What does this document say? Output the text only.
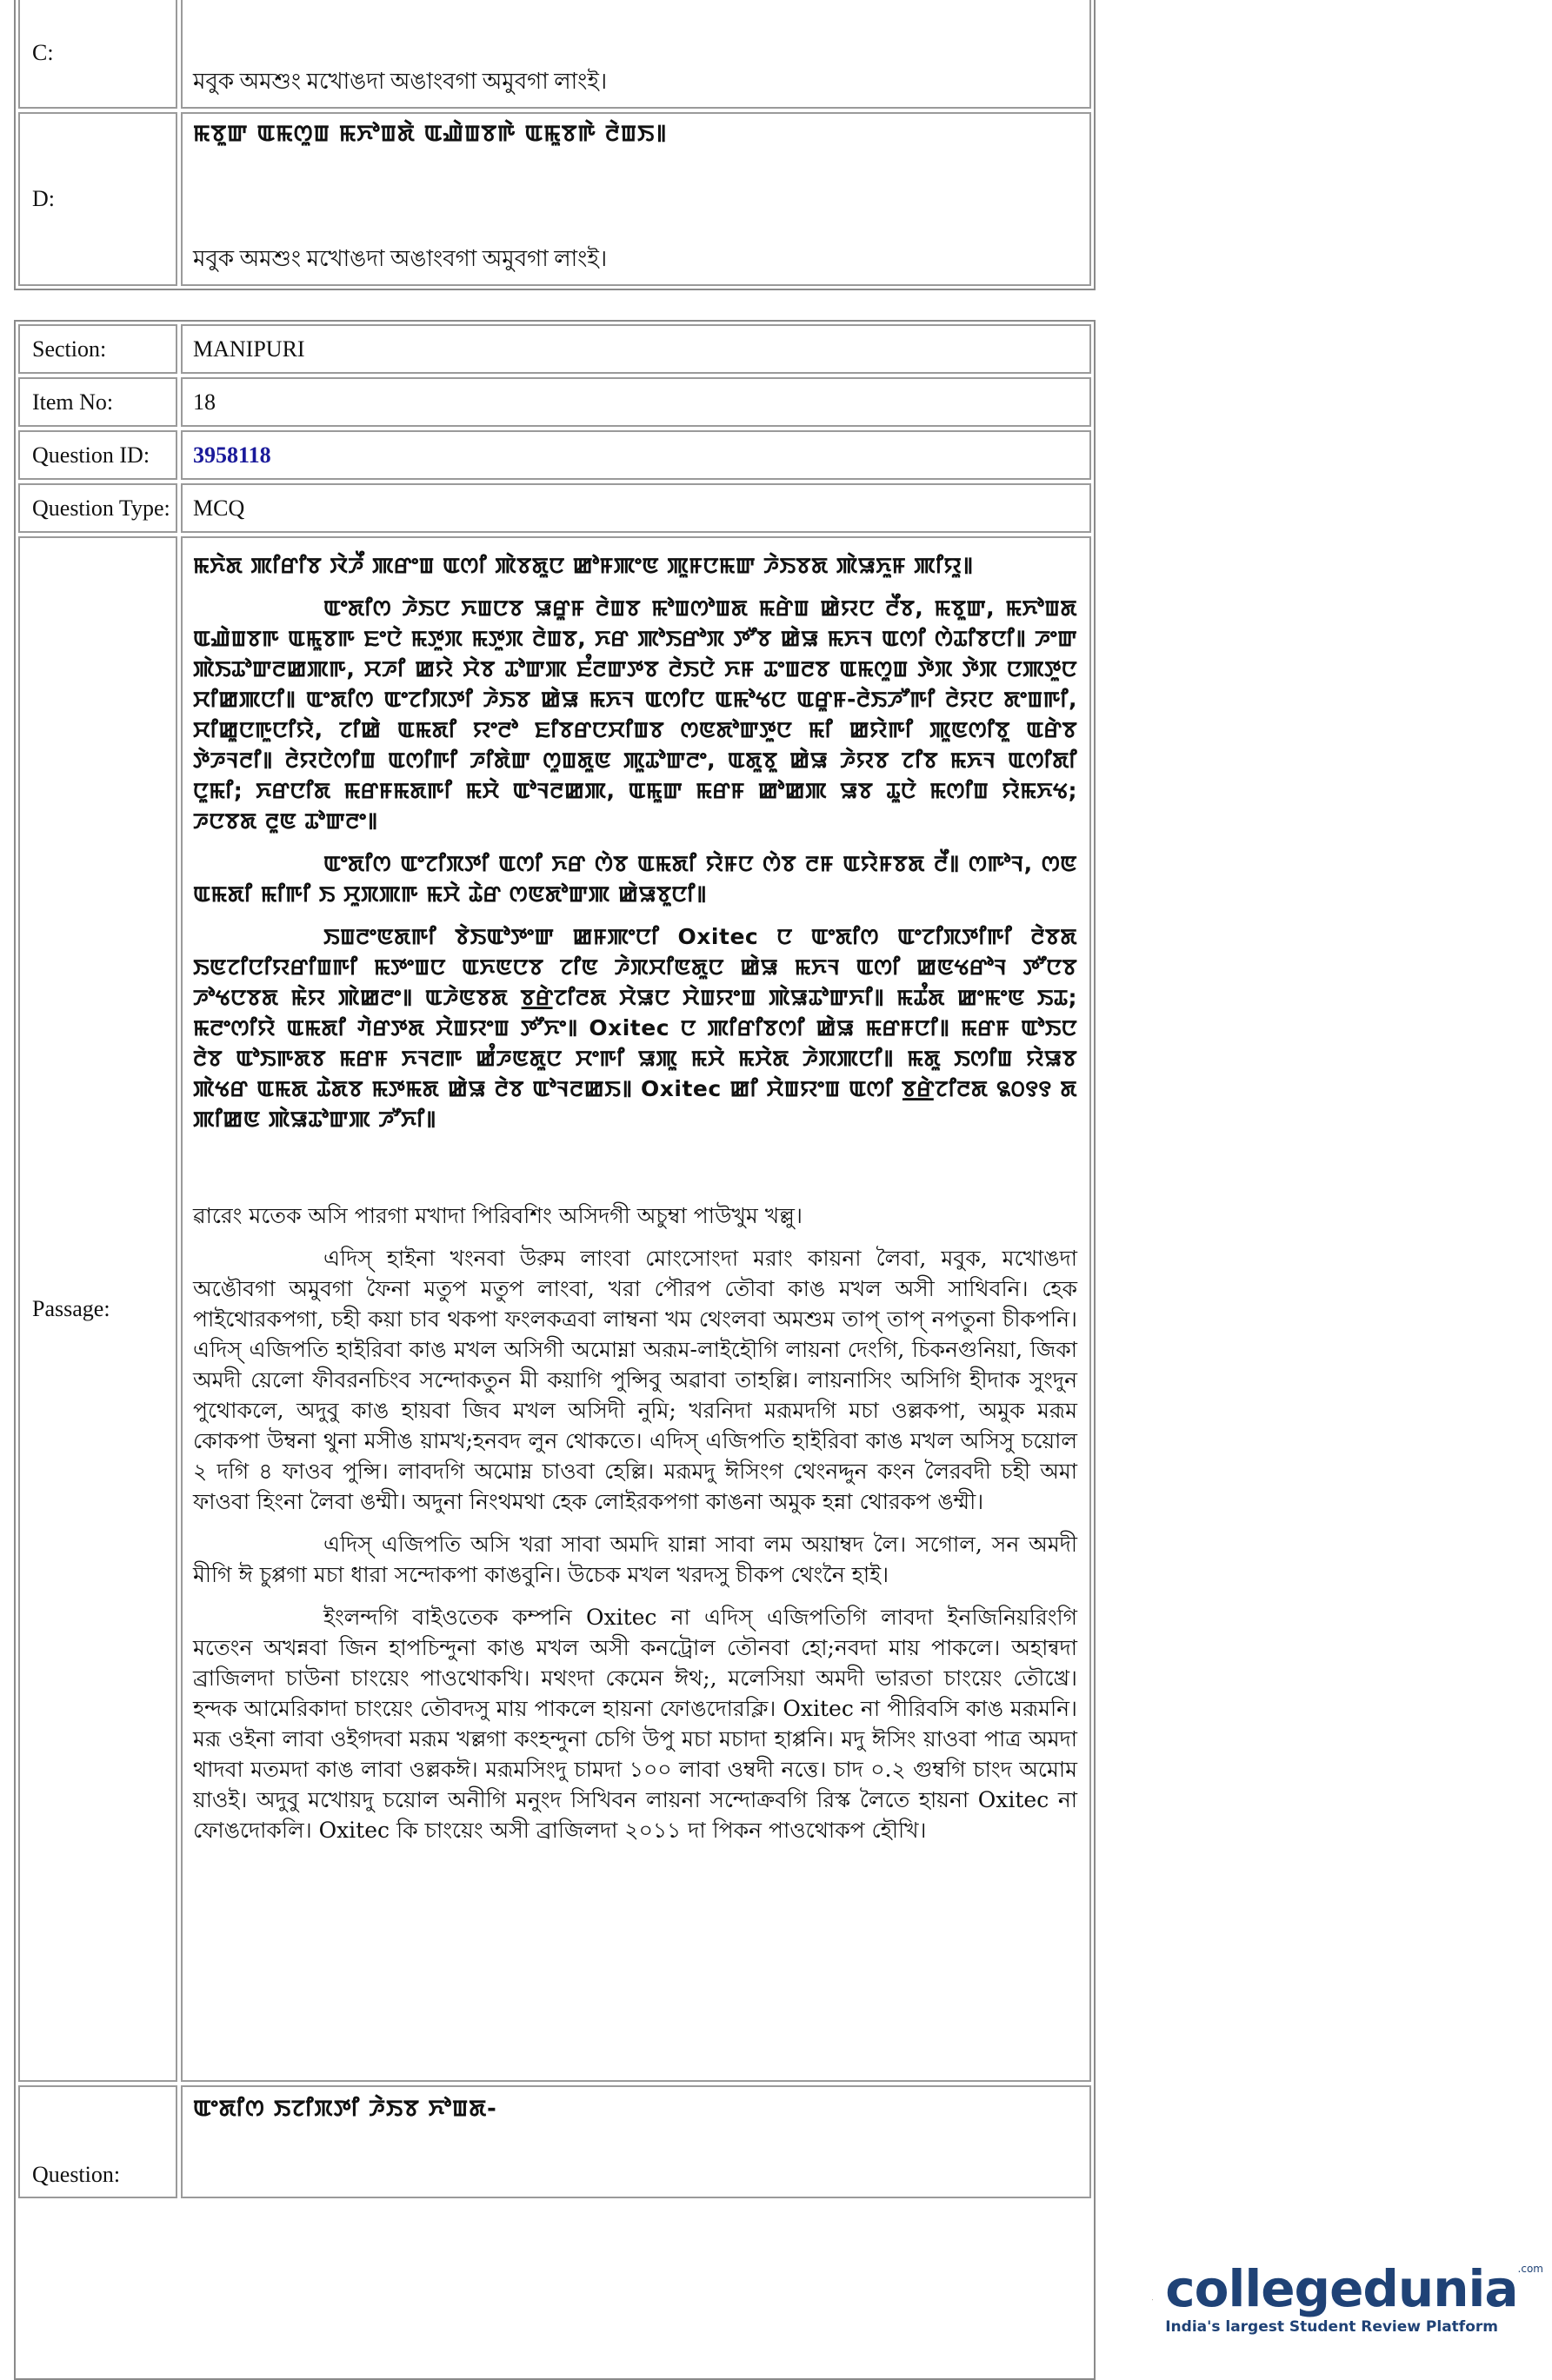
C:
মবুক অমশুং মখোঙদা অঙাংবগা অমুবগা লাংই।
D:
ꯃꯕꯨꯛ ꯑꯃꯁꯨꯡ ꯃꯈꯣꯡꯗꯥ ꯑꯉꯥꯡꯕꯒꯥ ꯑꯃꯨꯕꯒꯥ ꯂꯥꯡꯏ꯫
মবুক অমশুং মখোঙদা অঙাংবগা অমুবগা লাংই।
Section:	MANIPURI
Item No:	18
Question ID:	3958118
Question Type:	MCQ
Passage:

ꯃꯈꯥꯗ ꯄꯤꯔꯤꯕ ꯋꯥꯍꯩ ꯄꯔꯦꯡ ꯑꯁꯤ ꯄꯥꯕꯗꯨꯅ ꯀꯣꯝꯄꯦꯟ ꯄꯨꯝꯅꯃꯛ ꯍꯥꯏꯕꯗ ꯄꯥꯎꯈꯨꯝ ꯄꯤꯌꯨ꯫

ꯑꯦꯗꯤꯁ ꯍꯥꯏꯅ ꯈꯡꯅꯕ ꯎꯔꯨꯝ ꯂꯥꯡꯕ ꯃꯣꯡꯁꯣꯡꯗ ꯃꯔꯥꯡ ꯀꯥꯌꯅ ꯂꯩꯕ, ꯃꯕꯨꯛ, ꯃꯈꯣꯡꯗ ꯑꯉꯥꯡꯕꯒ ꯑꯃꯨꯕꯒ ꯐꯦꯅꯥ ꯃꯇꯨꯞ ꯃꯇꯨꯞ ꯂꯥꯡꯕ, ꯈꯔ ꯄꯣꯏꯔꯣꯞ ꯇꯧꯕ ꯀꯥꯎ ꯃꯈꯜ ꯑꯁꯤ ꯁꯥꯊꯤꯕꯅꯤ꯫ ꯍꯦꯛ ꯄꯥꯏꯊꯣꯛꯂꯀꯄꯒ, ꯆꯍꯤ ꯀꯌꯥ ꯆꯥꯕ ꯊꯣꯛꯄ ꯐꯪꯂꯛꯇꯕ ꯂꯥꯏꯅꯥ ꯈꯝ ꯊꯦꯡꯂꯕ ꯑꯃꯁꯨꯡ ꯇꯥꯞ ꯇꯥꯞ ꯅꯄꯇꯨꯅ ꯆꯤꯀꯄꯅꯤ꯫ ꯑꯦꯗꯤꯁ ꯑꯦꯖꯤꯞꯇꯤ ꯍꯥꯏꯕ ꯀꯥꯎ ꯃꯈꯜ ꯑꯁꯤꯅ ꯑꯃꯣꯠꯅ ꯑꯔꯨꯝ-ꯂꯥꯏꯍꯧꯒꯤ ꯂꯥꯌꯅ ꯗꯦꯡꯒꯤ, ꯆꯤꯀꯨꯅꯒꯨꯅꯤꯌꯥ, ꯖꯤꯀꯥ ꯑꯃꯗꯤ ꯌꯦꯂꯣ ꯐꯤꯕꯔꯅꯆꯤꯡꯕ ꯁꯟꯗꯣꯛꯇꯨꯅ ꯃꯤ ꯀꯌꯥꯒꯤ ꯄꯨꯟꯁꯤꯕꯨ ꯑꯔꯥꯕ ꯇꯥꯍꯜꯂꯤ꯫ ꯂꯥꯌꯅꯥꯁꯤꯡ ꯑꯁꯤꯒꯤ ꯍꯤꯗꯥꯛ ꯁꯨꯡꯗꯨꯟ ꯄꯨꯊꯣꯛꯂꯦ, ꯑꯗꯨꯕꯨ ꯀꯥꯎ ꯍꯥꯌꯕ ꯖꯤꯕ ꯃꯈꯜ ꯑꯁꯤꯗꯤ ꯅꯨꯃꯤ; ꯈꯔꯅꯤꯗ ꯃꯔꯝꯃꯗꯒꯤ ꯃꯆꯥ ꯑꯣꯜꯂꯀꯄ, ꯑꯃꯨꯛ ꯃꯔꯝ ꯀꯣꯀꯄ ꯎꯕ ꯊꯨꯅꯥ ꯃꯁꯤꯡ ꯌꯥꯃꯈꯠ; ꯍꯅꯕꯗ ꯂꯨꯟ ꯊꯣꯛꯂꯦ꯫

ꯑꯦꯗꯤꯁ ꯑꯦꯖꯤꯞꯇꯤ ꯑꯁꯤ ꯈꯔ ꯁꯥꯕ ꯑꯃꯗꯤ ꯌꯥꯝꯅ ꯁꯥꯕ ꯂꯝ ꯑꯌꯥꯝꯕꯗ ꯂꯩ꯫ ꯁꯒꯣꯜ, ꯁꯟ ꯑꯃꯗꯤ ꯃꯤꯒꯤ ꯏ ꯆꯨꯞꯄꯒ ꯃꯆꯥ ꯊꯥꯔ ꯁꯟꯗꯣꯛꯄ ꯀꯥꯎꯕꯨꯅꯤ꯫

ꯏꯡꯂꯦꯟꯗꯒꯤ ꯕꯥꯏꯑꯣꯇꯦꯛ ꯀꯝꯄꯦꯅꯤ Oxitec ꯅ ꯑꯦꯗꯤꯁ ꯑꯦꯖꯤꯞꯇꯤꯒꯤ ꯂꯥꯕꯗ ꯏꯟꯖꯤꯅꯤꯌꯔꯤꯡꯒꯤ ꯃꯇꯦꯡꯅ ꯑꯈꯟꯅꯕ ꯖꯤꯟ ꯍꯥꯞꯆꯤꯟꯗꯨꯅ ꯀꯥꯎ ꯃꯈꯜ ꯑꯁꯤ ꯀꯟꯠꯔꯣꯜ ꯇꯧꯅꯕ ꯍꯣꯠꯅꯕꯗ ꯃꯥꯌ ꯄꯥꯀꯂꯦ꯫ ꯑꯍꯥꯟꯕꯗ ꯕ꯭ꯔꯥꯖꯤꯂꯗ ꯆꯥꯎꯅ ꯆꯥꯡꯌꯦꯡ ꯄꯥꯎꯊꯣꯛꯈꯤ꯫ ꯃꯊꯪꯗ ꯀꯦꯃꯦꯟ ꯏꯊ; ꯃꯂꯦꯁꯤꯌꯥ ꯑꯃꯗꯤ ꯚꯥꯔꯇꯗ ꯆꯥꯡꯌꯦꯡ ꯇꯧꯈꯦ꯫ Oxitec ꯅ ꯄꯤꯔꯤꯕꯁꯤ ꯀꯥꯎ ꯃꯔꯝꯅꯤ꯫ ꯃꯔꯝ ꯑꯣꯏꯅ ꯂꯥꯕ ꯑꯣꯏꯒꯗꯕ ꯃꯔꯝ ꯈꯜꯂꯒ ꯀꯪꯍꯟꯗꯨꯅ ꯆꯦꯒꯤ ꯎꯄꯨ ꯃꯆꯥ ꯃꯆꯥꯗ ꯍꯥꯞꯄꯅꯤ꯫ ꯃꯗꯨ ꯏꯁꯤꯡ ꯌꯥꯎꯕ ꯄꯥꯠꯔ ꯑꯃꯗ ꯊꯥꯗꯕ ꯃꯇꯃꯗ ꯀꯥꯎ ꯂꯥꯕ ꯑꯣꯜꯂꯀꯏ꯫ Oxitec ꯀꯤ ꯆꯥꯡꯌꯦꯡ ꯑꯁꯤ ꯕ꯭ꯔꯥꯖꯤꯂꯗ ꯲꯰꯱꯱ ꯗ ꯄꯤꯀꯟ ꯄꯥꯎꯊꯣꯛꯄ ꯍꯧꯈꯤ꯫

ৱারেং মতেক অসি পারগা মখাদা পিরিবশিং অসিদগী অচুম্বা পাউখুম খল্লু।

এদিস্ হাইনা খংনবা উরুম লাংবা মোংসোংদা মরাং কায়না লৈবা, মবুক, মখোঙদা অঙৌবগা অমুবগা ফৈনা মতুপ মতুপ লাংবা, খরা পৌরপ তৌবা কাঙ মখল অসী সাথিবনি। হেক পাইথোরকপগা, চহী কয়া চাব থকপা ফংলকত্রবা লাম্বনা খম থেংলবা অমশুম তাপ্ তাপ্ নপতুনা চীকপনি। এদিস্ এজিপতি হাইরিবা কাঙ মখল অসিগী অমোম্না অরূম-লাইহৌগি লায়না দেংগি, চিকনগুনিয়া, জিকা অমদী য়েলো ফীবরনচিংব সন্দোকতুন মী কয়াগি পুন্সিবু অৱাবা তাহল্লি। লায়নাসিং অসিগি হীদাক সুংদুন পুথোকলে, অদুবু কাঙ হায়বা জিব মখল অসিদী নুমি; খরনিদা মরূমদগি মচা ওল্লকপা, অমুক মরূম কোকপা উম্বনা থুনা মসীঙ য়ামখ;হনবদ লুন থোকতে। এদিস্ এজিপতি হাইরিবা কাঙ মখল অসিসু চয়োল ২ দগি ৪ ফাওব পুন্সি। লাবদগি অমোম্ন চাওবা হেল্লি। মরূমদু ঈসিংগ থেংনদ্দুন কংন লৈরবদী চহী অমা ফাওবা হিংনা লৈবা ঙম্মী। অদুনা নিংথমথা হেক লোইরকপগা কাঙনা অমুক হন্না থোরকপ ঙম্মী।

এদিস্ এজিপতি অসি খরা সাবা অমদি য়ান্না সাবা লম অয়াম্বদ লৈ। সগোল, সন অমদী মীগি ঈ চুপ্পগা মচা ধারা সন্দোকপা কাঙবুনি। উচেক মখল খরদসু চীকপ থেংনৈ হাই।

ইংলন্দগি বাইওতেক কম্পনি Oxitec না এদিস্ এজিপতিগি লাবদা ইনজিনিয়রিংগি মতেংন অখন্নবা জিন হাপচিন্দুনা কাঙ মখল অসী কনট্রোল তৌনবা হো;নবদা মায় পাকলে। অহান্বদা ব্রাজিলদা চাউনা চাংয়েং পাওথোকখি। মথংদা কেমেন ঈথ;, মলেসিয়া অমদী ভারতা চাংয়েং তৌখ্রে। হন্দক আমেরিকাদা চাংয়েং তৌবদসু মায় পাকলে হায়না ফোঙদোরক্লি। Oxitec না পীরিবসি কাঙ মরূমনি। মরূ ওইনা লাবা ওইগদবা মরূম খল্লগা কংহন্দুনা চেগি উপু মচা মচাদা হাপ্পনি। মদু ঈসিং য়াওবা পাত্র অমদা থাদবা মতমদা কাঙ লাবা ওল্লকঈ। মরূমসিংদু চামদা ১০০ লাবা ওম্বদী নত্তে। চাদ ০.২ গুম্বগি চাংদ অমোম য়াওই। অদুবু মখোয়দু চয়োল অনীগি মনুংদ সিখিবন লায়না সন্দোক্রবগি রিস্ক লৈতে হায়না Oxitec না ফোঙদোকলি। Oxitec কি চাংয়েং অসী ব্রাজিলদা ২০১১ দা পিকন পাওথোকপ হৌখি।

Question:
ꯑꯦꯗꯤꯁ ꯏꯖꯤꯞꯇꯤ ꯍꯥꯏꯕ ꯈꯣꯡꯗ-
collegedunia$^{.com}$
India's largest Student Review Platform
